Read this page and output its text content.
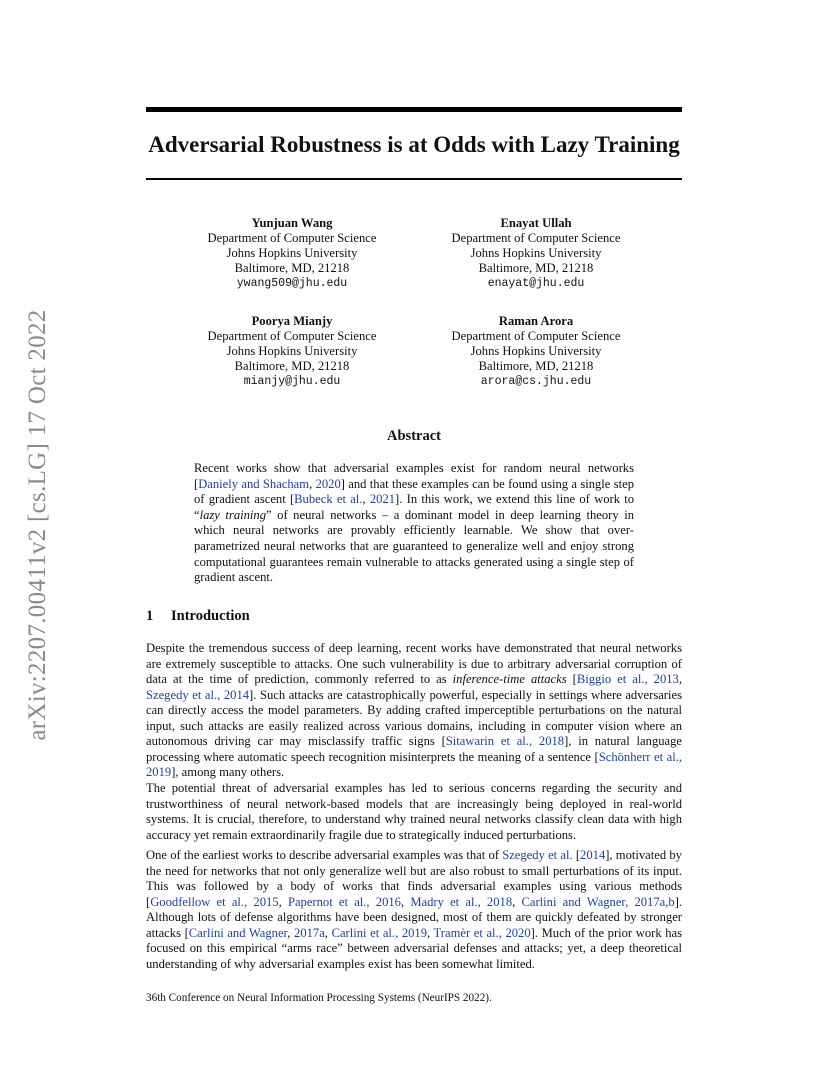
arXiv:2207.00411v2 [cs.LG] 17 Oct 2022
Adversarial Robustness is at Odds with Lazy Training
Yunjuan Wang
Department of Computer Science
Johns Hopkins University
Baltimore, MD, 21218
ywang509@jhu.edu
Enayat Ullah
Department of Computer Science
Johns Hopkins University
Baltimore, MD, 21218
enayat@jhu.edu
Poorya Mianjy
Department of Computer Science
Johns Hopkins University
Baltimore, MD, 21218
mianjy@jhu.edu
Raman Arora
Department of Computer Science
Johns Hopkins University
Baltimore, MD, 21218
arora@cs.jhu.edu
Abstract
Recent works show that adversarial examples exist for random neural networks [Daniely and Shacham, 2020] and that these examples can be found using a single step of gradient ascent [Bubeck et al., 2021]. In this work, we extend this line of work to “lazy training” of neural networks – a dominant model in deep learning theory in which neural networks are provably efficiently learnable. We show that over-parametrized neural networks that are guaranteed to generalize well and enjoy strong computational guarantees remain vulnerable to attacks generated using a single step of gradient ascent.
1 Introduction
Despite the tremendous success of deep learning, recent works have demonstrated that neural networks are extremely susceptible to attacks. One such vulnerability is due to arbitrary adversarial corruption of data at the time of prediction, commonly referred to as inference-time attacks [Biggio et al., 2013, Szegedy et al., 2014]. Such attacks are catastrophically powerful, especially in settings where adversaries can directly access the model parameters. By adding crafted imperceptible perturbations on the natural input, such attacks are easily realized across various domains, including in computer vision where an autonomous driving car may misclassify traffic signs [Sitawarin et al., 2018], in natural language processing where automatic speech recognition misinterprets the meaning of a sentence [Schönherr et al., 2019], among many others.
The potential threat of adversarial examples has led to serious concerns regarding the security and trustworthiness of neural network-based models that are increasingly being deployed in real-world systems. It is crucial, therefore, to understand why trained neural networks classify clean data with high accuracy yet remain extraordinarily fragile due to strategically induced perturbations.
One of the earliest works to describe adversarial examples was that of Szegedy et al. [2014], motivated by the need for networks that not only generalize well but are also robust to small perturbations of its input. This was followed by a body of works that finds adversarial examples using various methods [Goodfellow et al., 2015, Papernot et al., 2016, Madry et al., 2018, Carlini and Wagner, 2017a,b]. Although lots of defense algorithms have been designed, most of them are quickly defeated by stronger attacks [Carlini and Wagner, 2017a, Carlini et al., 2019, Tramèr et al., 2020]. Much of the prior work has focused on this empirical “arms race” between adversarial defenses and attacks; yet, a deep theoretical understanding of why adversarial examples exist has been somewhat limited.
36th Conference on Neural Information Processing Systems (NeurIPS 2022).
